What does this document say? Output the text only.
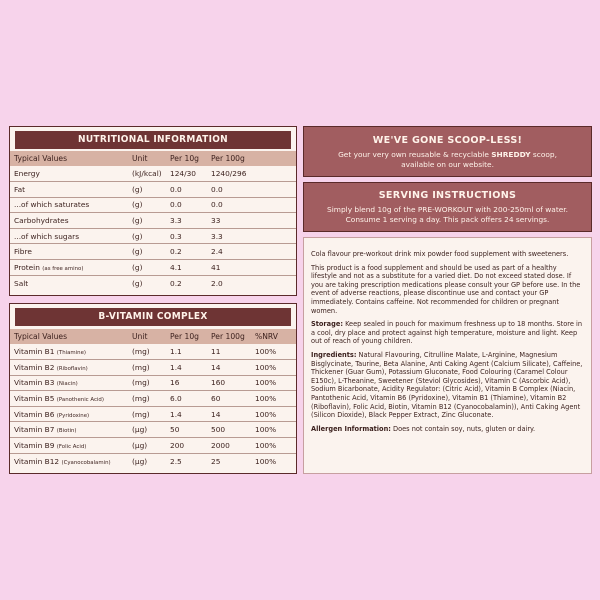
NUTRITIONAL INFORMATION
Typical Values	Unit	Per 10g	Per 100g
Energy	(kJ/kcal)	124/30	1240/296
Fat	(g)	0.0	0.0
...of which saturates	(g)	0.0	0.0
Carbohydrates	(g)	3.3	33
...of which sugars	(g)	0.3	3.3
Fibre	(g)	0.2	2.4
Protein (as free amino)	(g)	4.1	41
Salt	(g)	0.2	2.0
B-VITAMIN COMPLEX
Typical Values	Unit	Per 10g	Per 100g	%NRV
Vitamin B1 (Thiamine)	(mg)	1.1	11	100%
Vitamin B2 (Riboflavin)	(mg)	1.4	14	100%
Vitamin B3 (Niacin)	(mg)	16	160	100%
Vitamin B5 (Panothenic Acid)	(mg)	6.0	60	100%
Vitamin B6 (Pyridoxine)	(mg)	1.4	14	100%
Vitamin B7 (Biotin)	(μg)	50	500	100%
Vitamin B9 (Folic Acid)	(μg)	200	2000	100%
Vitamin B12 (Cyanocobalamin)	(μg)	2.5	25	100%
WE'VE GONE SCOOP-LESS!
Get your very own reusable & recyclable SHREDDY scoop,
available on our website.
SERVING INSTRUCTIONS
Simply blend 10g of the PRE-WORKOUT with 200-250ml of water.
Consume 1 serving a day. This pack offers 24 servings.

Cola flavour pre-workout drink mix powder food supplement with sweeteners.

This product is a food supplement and should be used as part of a healthy lifestyle and not as a substitute for a varied diet. Do not exceed stated dose. If you are taking prescription medications please consult your GP before use. In the event of adverse reactions, please discontinue use and contact your GP immediately. Contains caffeine. Not recommended for children or pregnant women.

Storage: Keep sealed in pouch for maximum freshness up to 18 months. Store in a cool, dry place and protect against high temperature, moisture and light. Keep out of reach of young children.

Ingredients: Natural Flavouring, Citrulline Malate, L-Arginine, Magnesium Bisglycinate, Taurine, Beta Alanine, Anti Caking Agent (Calcium Silicate), Caffeine, Thickener (Guar Gum), Potassium Gluconate, Food Colouring (Caramel Colour E150c), L-Theanine, Sweetener (Steviol Glycosides), Vitamin C (Ascorbic Acid), Sodium Bicarbonate, Acidity Regulator: (Citric Acid), Vitamin B Complex (Niacin, Pantothenic Acid, Vitamin B6 (Pyridoxine), Vitamin B1 (Thiamine), Vitamin B2 (Riboflavin), Folic Acid, Biotin, Vitamin B12 (Cyanocobalamin)), Anti Caking Agent (Silicon Dioxide), Black Pepper Extract, Zinc Gluconate.

Allergen Information: Does not contain soy, nuts, gluten or dairy.
